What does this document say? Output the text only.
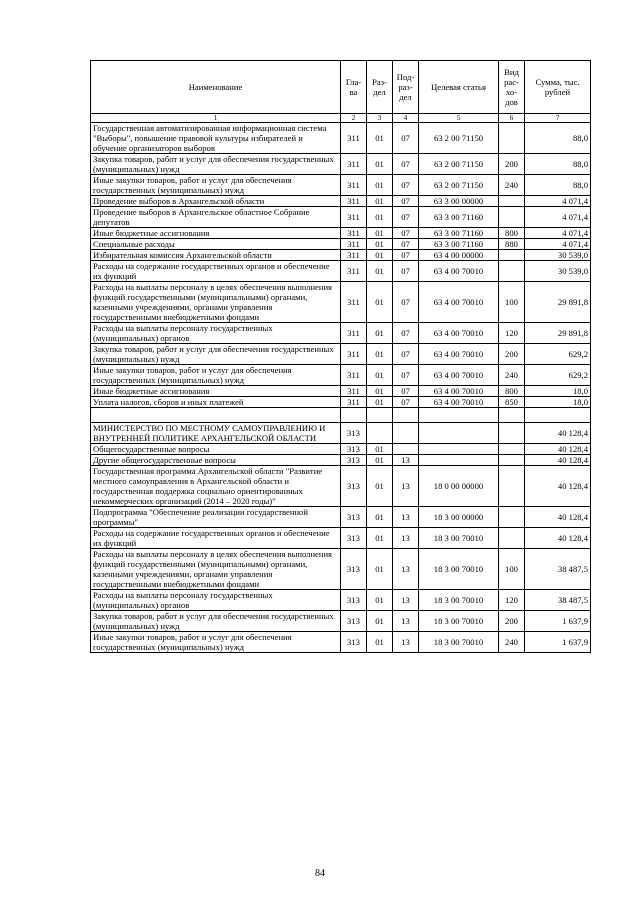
Наименование	Гла-ва	Раз-дел	Под-раз-дел	Целевая статья	Вид рас-хо-дов	Сумма, тыс. рублей
1	2	3	4	5	6	7
Государственная автоматизированная информационная система "Выборы", повышение правовой культуры избирателей и обучение организаторов выборов	311	01	07	63 2 00 71150		88,0
Закупка товаров, работ и услуг для обеспечения государственных (муниципальных) нужд	311	01	07	63 2 00 71150	200	88,0
Иные закупки товаров, работ и услуг для обеспечения государственных (муниципальных) нужд	311	01	07	63 2 00 71150	240	88,0
Проведение выборов в Архангельской области	311	01	07	63 3 00 00000		4 071,4
Проведение выборов в Архангельское областное Собрание депутатов	311	01	07	63 3 00 71160		4 071,4
Иные бюджетные ассигнования	311	01	07	63 3 00 71160	800	4 071,4
Специальные расходы	311	01	07	63 3 00 71160	880	4 071,4
Избирательная комиссия Архангельской области	311	01	07	63 4 00 00000		30 539,0
Расходы на содержание государственных органов и обеспечение их функций	311	01	07	63 4 00 70010		30 539,0
Расходы на выплаты персоналу в целях обеспечения выполнения функций государственными (муниципальными) органами, казенными учреждениями, органами управления государственными внебюджетными фондами	311	01	07	63 4 00 70010	100	29 891,8
Расходы на выплаты персоналу государственных (муниципальных) органов	311	01	07	63 4 00 70010	120	29 891,8
Закупка товаров, работ и услуг для обеспечения государственных (муниципальных) нужд	311	01	07	63 4 00 70010	200	629,2
Иные закупки товаров, работ и услуг для обеспечения государственных (муниципальных) нужд	311	01	07	63 4 00 70010	240	629,2
Иные бюджетные ассигнования	311	01	07	63 4 00 70010	800	18,0
Уплата налогов, сборов и иных платежей	311	01	07	63 4 00 70010	850	18,0

МИНИСТЕРСТВО ПО МЕСТНОМУ САМОУПРАВЛЕНИЮ И ВНУТРЕННЕЙ ПОЛИТИКЕ АРХАНГЕЛЬСКОЙ ОБЛАСТИ	313					40 128,4
Общегосударственные вопросы	313	01				40 128,4
Другие общегосударственные вопросы	313	01	13			40 128,4
Государственная программа Архангельской области "Развитие местного самоуправления в Архангельской области и государственная поддержка социально ориентированных некоммерческих организаций (2014 – 2020 годы)"	313	01	13	18 0 00 00000		40 128,4
Подпрограмма "Обеспечение реализации государственной программы"	313	01	13	18 3 00 00000		40 128,4
Расходы на содержание государственных органов и обеспечение их функций	313	01	13	18 3 00 70010		40 128,4
Расходы на выплаты персоналу в целях обеспечения выполнения функций государственными (муниципальными) органами, казенными учреждениями, органами управления государственными внебюджетными фондами	313	01	13	18 3 00 70010	100	38 487,5
Расходы на выплаты персоналу государственных (муниципальных) органов	313	01	13	18 3 00 70010	120	38 487,5
Закупка товаров, работ и услуг для обеспечения государственных (муниципальных) нужд	313	01	13	18 3 00 70010	200	1 637,9
Иные закупки товаров, работ и услуг для обеспечения государственных (муниципальных) нужд	313	01	13	18 3 00 70010	240	1 637,9
84
